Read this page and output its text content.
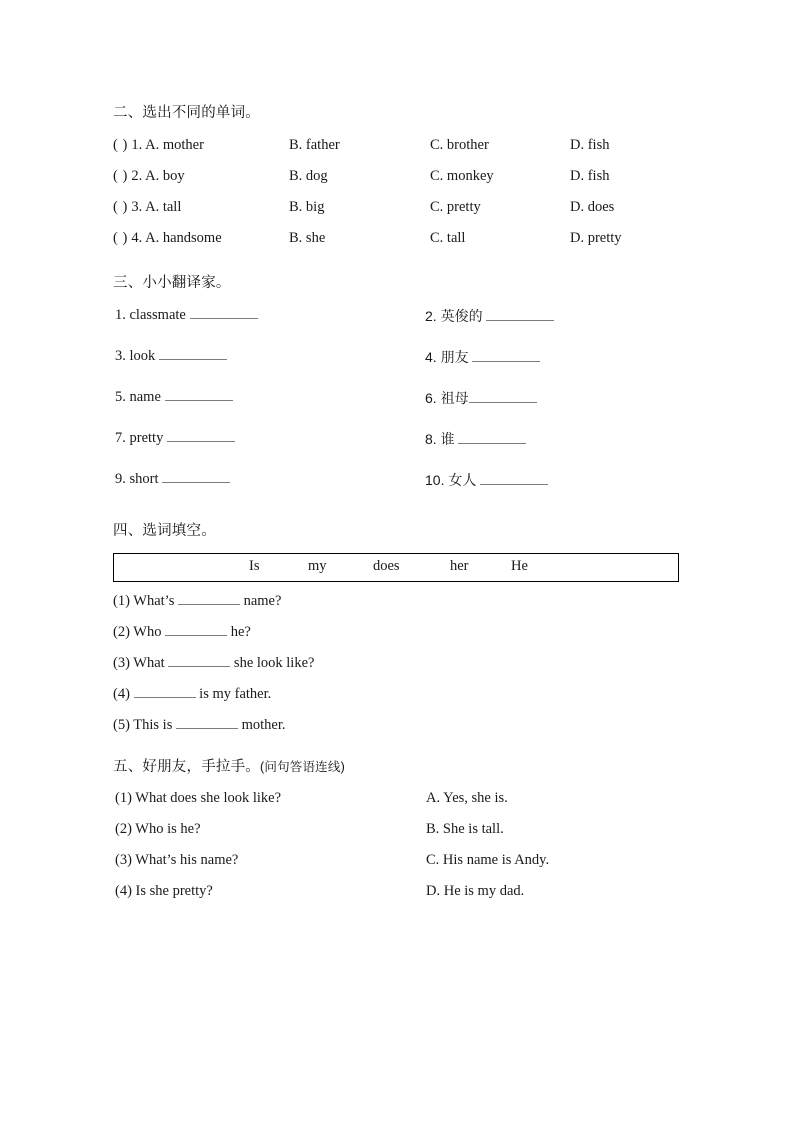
二、选出不同的单词。
( ) 1. A. mother	B. father	C. brother	D. fish
( ) 2. A. boy	B. dog	C. monkey	D. fish
( ) 3. A. tall	B. big	C. pretty	D. does
( ) 4. A. handsome	B. she	C. tall	D. pretty
三、小小翻译家。
1. classmate	2. 英俊的
3. look	4. 朋友
5. name	6. 祖母
7. pretty	8. 谁
9. short	10. 女人
四、选词填空。
Is	my	does	her	He
(1) What’s	name?
(2) Who	he?
(3) What	she look like?
(4)	is my father.
(5) This is	mother.
五、好朋友，手拉手。(问句答语连线)
(1) What does she look like?	A. Yes, she is.
(2) Who is he?	B. She is tall.
(3) What’s his name?	C. His name is Andy.
(4) Is she pretty?	D. He is my dad.
